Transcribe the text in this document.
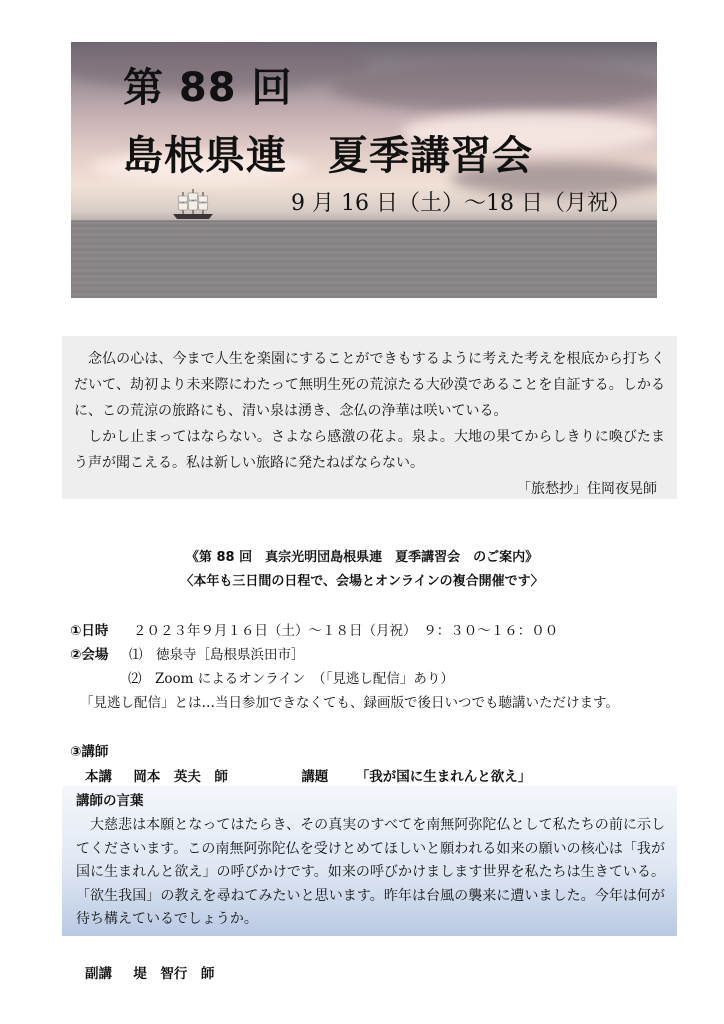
第 88 回
島根県連　夏季講習会
9 月 16 日（土）～18 日（月祝）

念仏の心は、今まで人生を楽園にすることができもするように考えた考えを根底から打ちくだいて、劫初より未来際にわたって無明生死の荒涼たる大砂漠であることを自証する。しかるに、この荒涼の旅路にも、清い泉は湧き、念仏の浄華は咲いている。

しかし止まってはならない。さよなら感激の花よ。泉よ。大地の果てからしきりに喚びたまう声が聞こえる。私は新しい旅路に発たねばならない。

「旅愁抄」住岡夜晃師

《第 88 回　真宗光明団島根県連　夏季講習会　のご案内》
〈本年も三日間の日程で、会場とオンラインの複合開催です〉
①日時 ２０２３年９月１６日（土）～１８日（月祝）　９：３０～１６：００
②会場 ⑴　徳泉寺［島根県浜田市］
⑵　Zoom によるオンライン　（「見逃し配信」あり）
「見逃し配信」とは…当日参加できなくても、録画版で後日いつでも聴講いただけます。
③講師
本講 岡本　英夫　師	講題 「我が国に生まれんと欲え」

講師の言葉

大慈悲は本願となってはたらき、その真実のすべてを南無阿弥陀仏として私たちの前に示してくださいます。この南無阿弥陀仏を受けとめてほしいと願われる如来の願いの核心は「我が国に生まれんと欲え」の呼びかけです。如来の呼びかけまします世界を私たちは生きている。「欲生我国」の教えを尋ねてみたいと思います。昨年は台風の襲来に遭いました。今年は何が待ち構えているでしょうか。

副講 堤　智行　師
